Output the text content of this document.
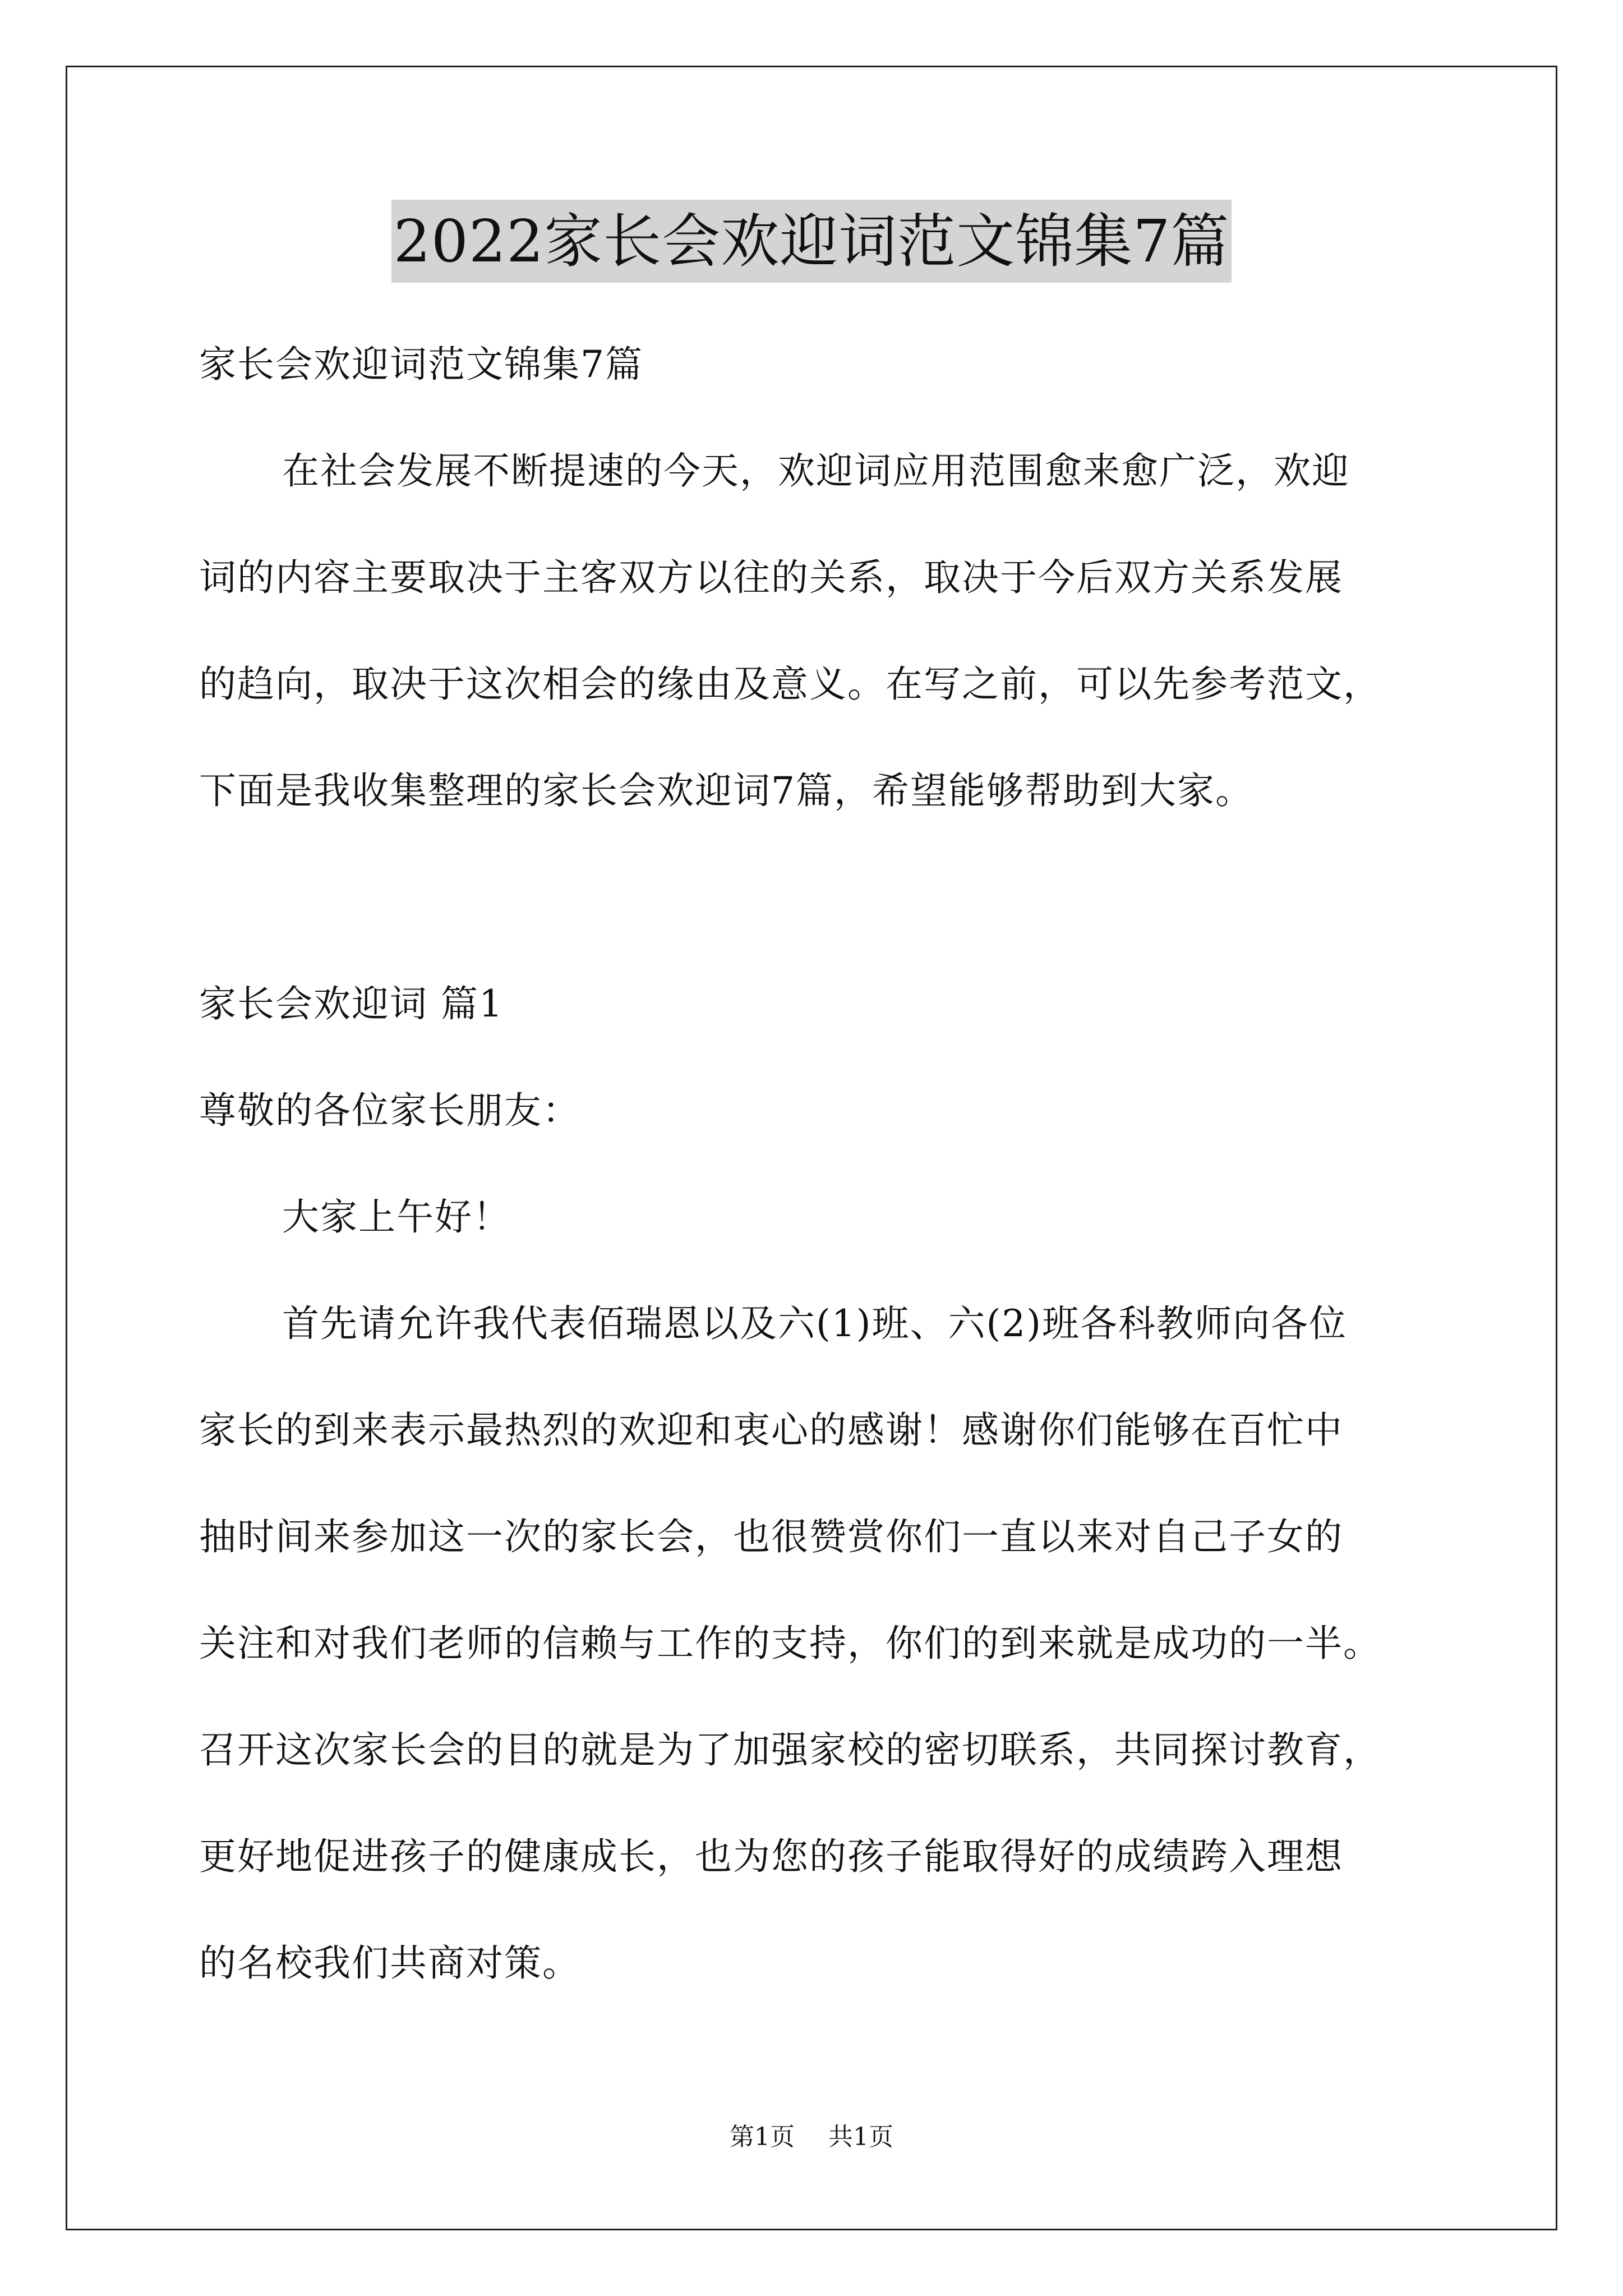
2022家长会欢迎词范文锦集7篇
家长会欢迎词范文锦集7篇
在社会发展不断提速的今天，欢迎词应用范围愈来愈广泛，欢迎
词的内容主要取决于主客双方以往的关系，取决于今后双方关系发展
的趋向，取决于这次相会的缘由及意义。在写之前，可以先参考范文，
下面是我收集整理的家长会欢迎词7篇，希望能够帮助到大家。
家长会欢迎词 篇1
尊敬的各位家长朋友：
大家上午好！
首先请允许我代表佰瑞恩以及六(1)班、六(2)班各科教师向各位
家长的到来表示最热烈的欢迎和衷心的感谢！感谢你们能够在百忙中
抽时间来参加这一次的家长会，也很赞赏你们一直以来对自己子女的
关注和对我们老师的信赖与工作的支持，你们的到来就是成功的一半。
召开这次家长会的目的就是为了加强家校的密切联系，共同探讨教育，
更好地促进孩子的健康成长，也为您的孩子能取得好的成绩跨入理想
的名校我们共商对策。
第1页 共1页
